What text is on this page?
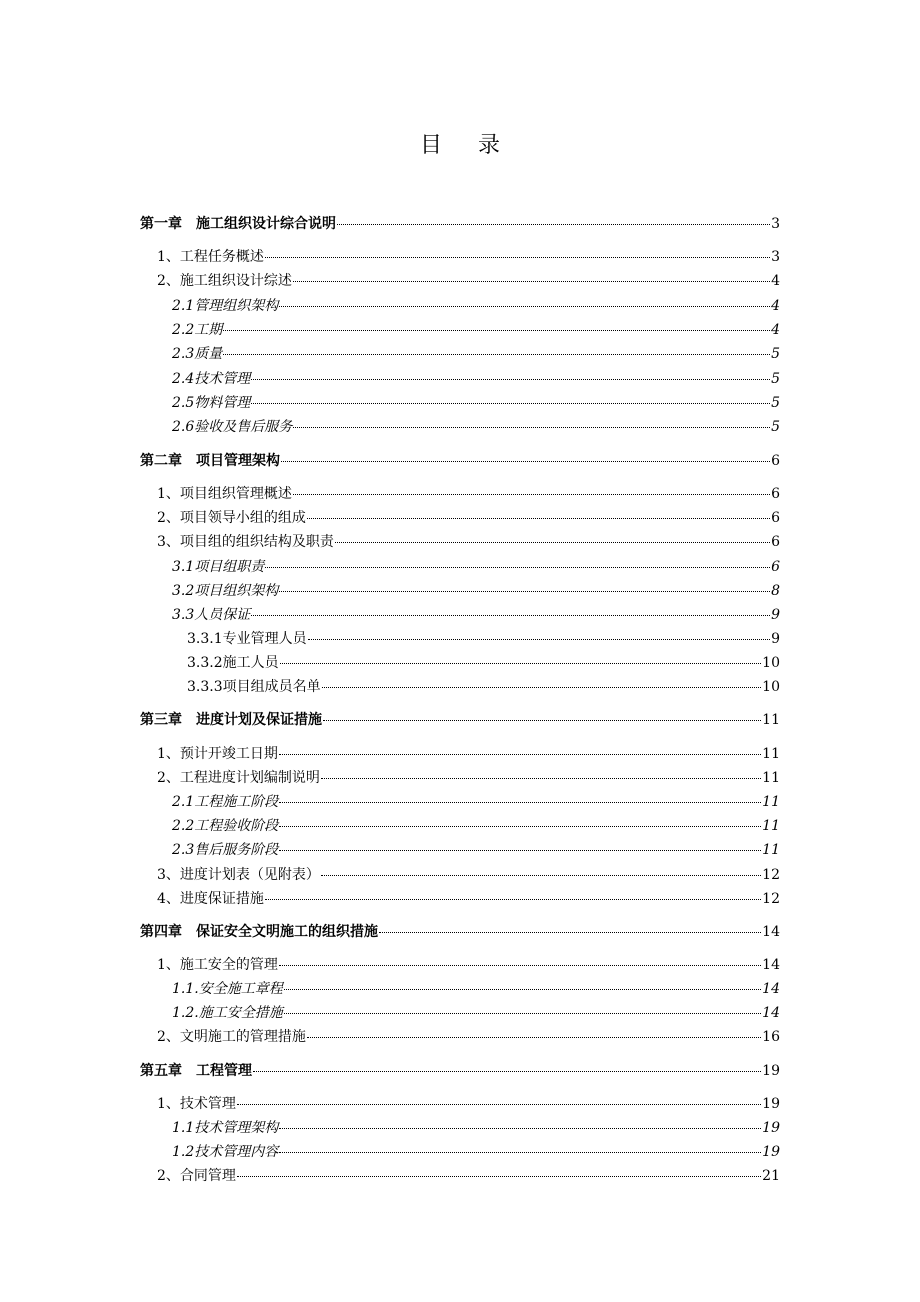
目 录
第一章　施工组织设计综合说明	3
1、工程任务概述	3
2、施工组织设计综述	4
2.1管理组织架构	4
2.2工期	4
2.3质量	5
2.4技术管理	5
2.5物料管理	5
2.6验收及售后服务	5
第二章　项目管理架构	6
1、项目组织管理概述	6
2、项目领导小组的组成	6
3、项目组的组织结构及职责	6
3.1项目组职责	6
3.2项目组织架构	8
3.3人员保证	9
3.3.1专业管理人员	9
3.3.2施工人员	10
3.3.3项目组成员名单	10
第三章　进度计划及保证措施	11
1、预计开竣工日期	11
2、工程进度计划编制说明	11
2.1工程施工阶段	11
2.2工程验收阶段	11
2.3售后服务阶段	11
3、进度计划表（见附表）	12
4、进度保证措施	12
第四章　保证安全文明施工的组织措施	14
1、施工安全的管理	14
1.1.安全施工章程	14
1.2.施工安全措施	14
2、文明施工的管理措施	16
第五章　工程管理	19
1、技术管理	19
1.1技术管理架构	19
1.2技术管理内容	19
2、合同管理	21
